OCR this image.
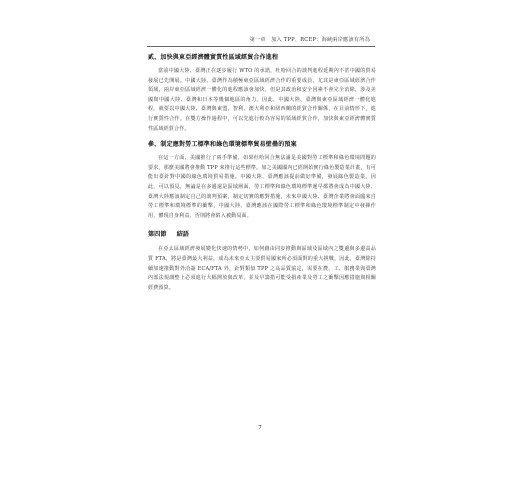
第一章　加入 TPP、RCEP：海峽兩岸應該有所為
貳、加快與東亞經濟體實質性區域經貿合作進程

當前中國大陸、臺灣正在逐步履行 WTO 的承諾，杜哈回合的談判進程延期內不甚中國的貿易發展已先開展。中國大陸、臺灣作為積極東亞區域經濟合作的重要成員，尤其是東亞區域經濟合作領域，兩岸東亞區域經濟一體化的進程應該會加快，但是其政治和安全因素不會完全消除，涉及美國與中國大陸、臺灣和日本等幾個地區的角力。因此，中國大陸、臺灣與東亞區域經濟一體化進程，就要以中國大陸、臺灣與東盟、智利、澳大利亞和紐西蘭的經貿合作關係，在目前情形下，進行實質性合作。在雙方操作過程中，可以先進行較為容易的領域經貿合作，加快與東亞經濟體實質性區域經貿合作。

參、制定應對勞工標準和綠色環境標準貿易壁壘的預案

在這一方面，美國推行了兩手準備，如果杜哈回合無法滿足美國對勞工標準和綠色環境問題的要求，那麼美國將會推動 TPP 來推行這些標準。加之美國國內已經開始實行綠色製造業計畫，有可能出臺針對中國的綠色環境貿易措施。中國大陸、臺灣應該提前做好準備，發展綠色製造業。因此，可以預見，無論是在多邊還是區域層面，勞工標準和綠色環境標準遲早都將會成為中國大陸、臺灣大陸應該制定自己的談判預案，制定切實的應對措施，未來中國大陸、臺灣企業將會面臨來自勞工標準和環境標準的衝擊，中國大陸、臺灣應該在國際勞工標準和綠色環境標準制定中發揮作用，體現自身利益，否則將會陷入被動局面。

第四節 結語

在亞太區域經濟發展變化快速的情勢中，如何藉由同步推動與區域及區域內之雙邊與多邊高品質 FTA，將是臺灣最大利益，成為未來亞太主要貿易國家所必須面對的重大挑戰。因此，臺灣除持續加速推動對外洽簽 ECA/FTA 外，針對類似 TPP 之高品質協定，需要在農、工、服務業與臺灣內部法規調整上必須進行大幅開放與改革，並及早籌措可能受損產業及勞工之衝擊因應措施與相關經費預算。

7
